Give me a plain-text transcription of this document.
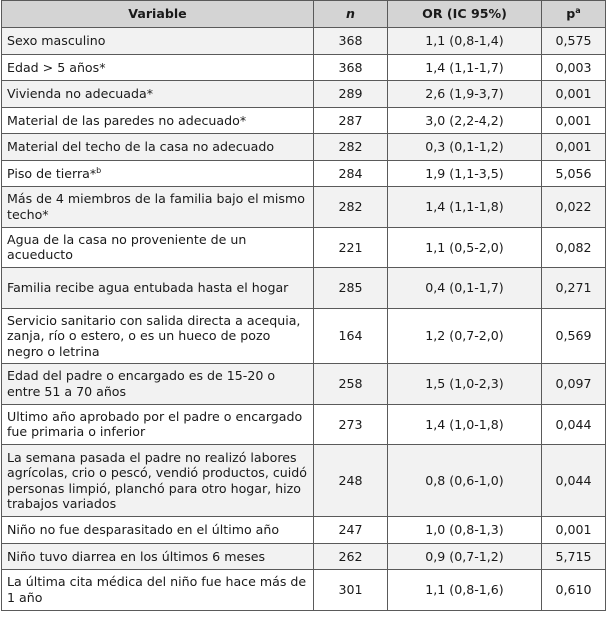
Variable	n	OR (IC 95%)	$p^a$
Sexo masculino	368	1,1 (0,8-1,4)	0,575
Edad > 5 años*	368	1,4 (1,1-1,7)	0,003
Vivienda no adecuada*	289	2,6 (1,9-3,7)	0,001
Material de las paredes no adecuado*	287	3,0 (2,2-4,2)	0,001
Material del techo de la casa no adecuado	282	0,3 (0,1-1,2)	0,001
Piso de tierra*$^b$	284	1,9 (1,1-3,5)	5,056
Más de 4 miembros de la familia bajo el mismo techo*	282	1,4 (1,1-1,8)	0,022
Agua de la casa no proveniente de un acueducto	221	1,1 (0,5-2,0)	0,082
Familia recibe agua entubada hasta el hogar	285	0,4 (0,1-1,7)	0,271
Servicio sanitario con salida directa a acequia, zanja, río o estero, o es un hueco de pozo negro o letrina	164	1,2 (0,7-2,0)	0,569
Edad del padre o encargado es de 15-20 o entre 51 a 70 años	258	1,5 (1,0-2,3)	0,097
Ultimo año aprobado por el padre o encargado fue primaria o inferior	273	1,4 (1,0-1,8)	0,044
La semana pasada el padre no realizó labores agrícolas, crio o pescó, vendió productos, cuidó personas limpió, planchó para otro hogar, hizo trabajos variados	248	0,8 (0,6-1,0)	0,044
Niño no fue desparasitado en el último año	247	1,0 (0,8-1,3)	0,001
Niño tuvo diarrea en los últimos 6 meses	262	0,9 (0,7-1,2)	5,715
La última cita médica del niño fue hace más de 1 año	301	1,1 (0,8-1,6)	0,610
